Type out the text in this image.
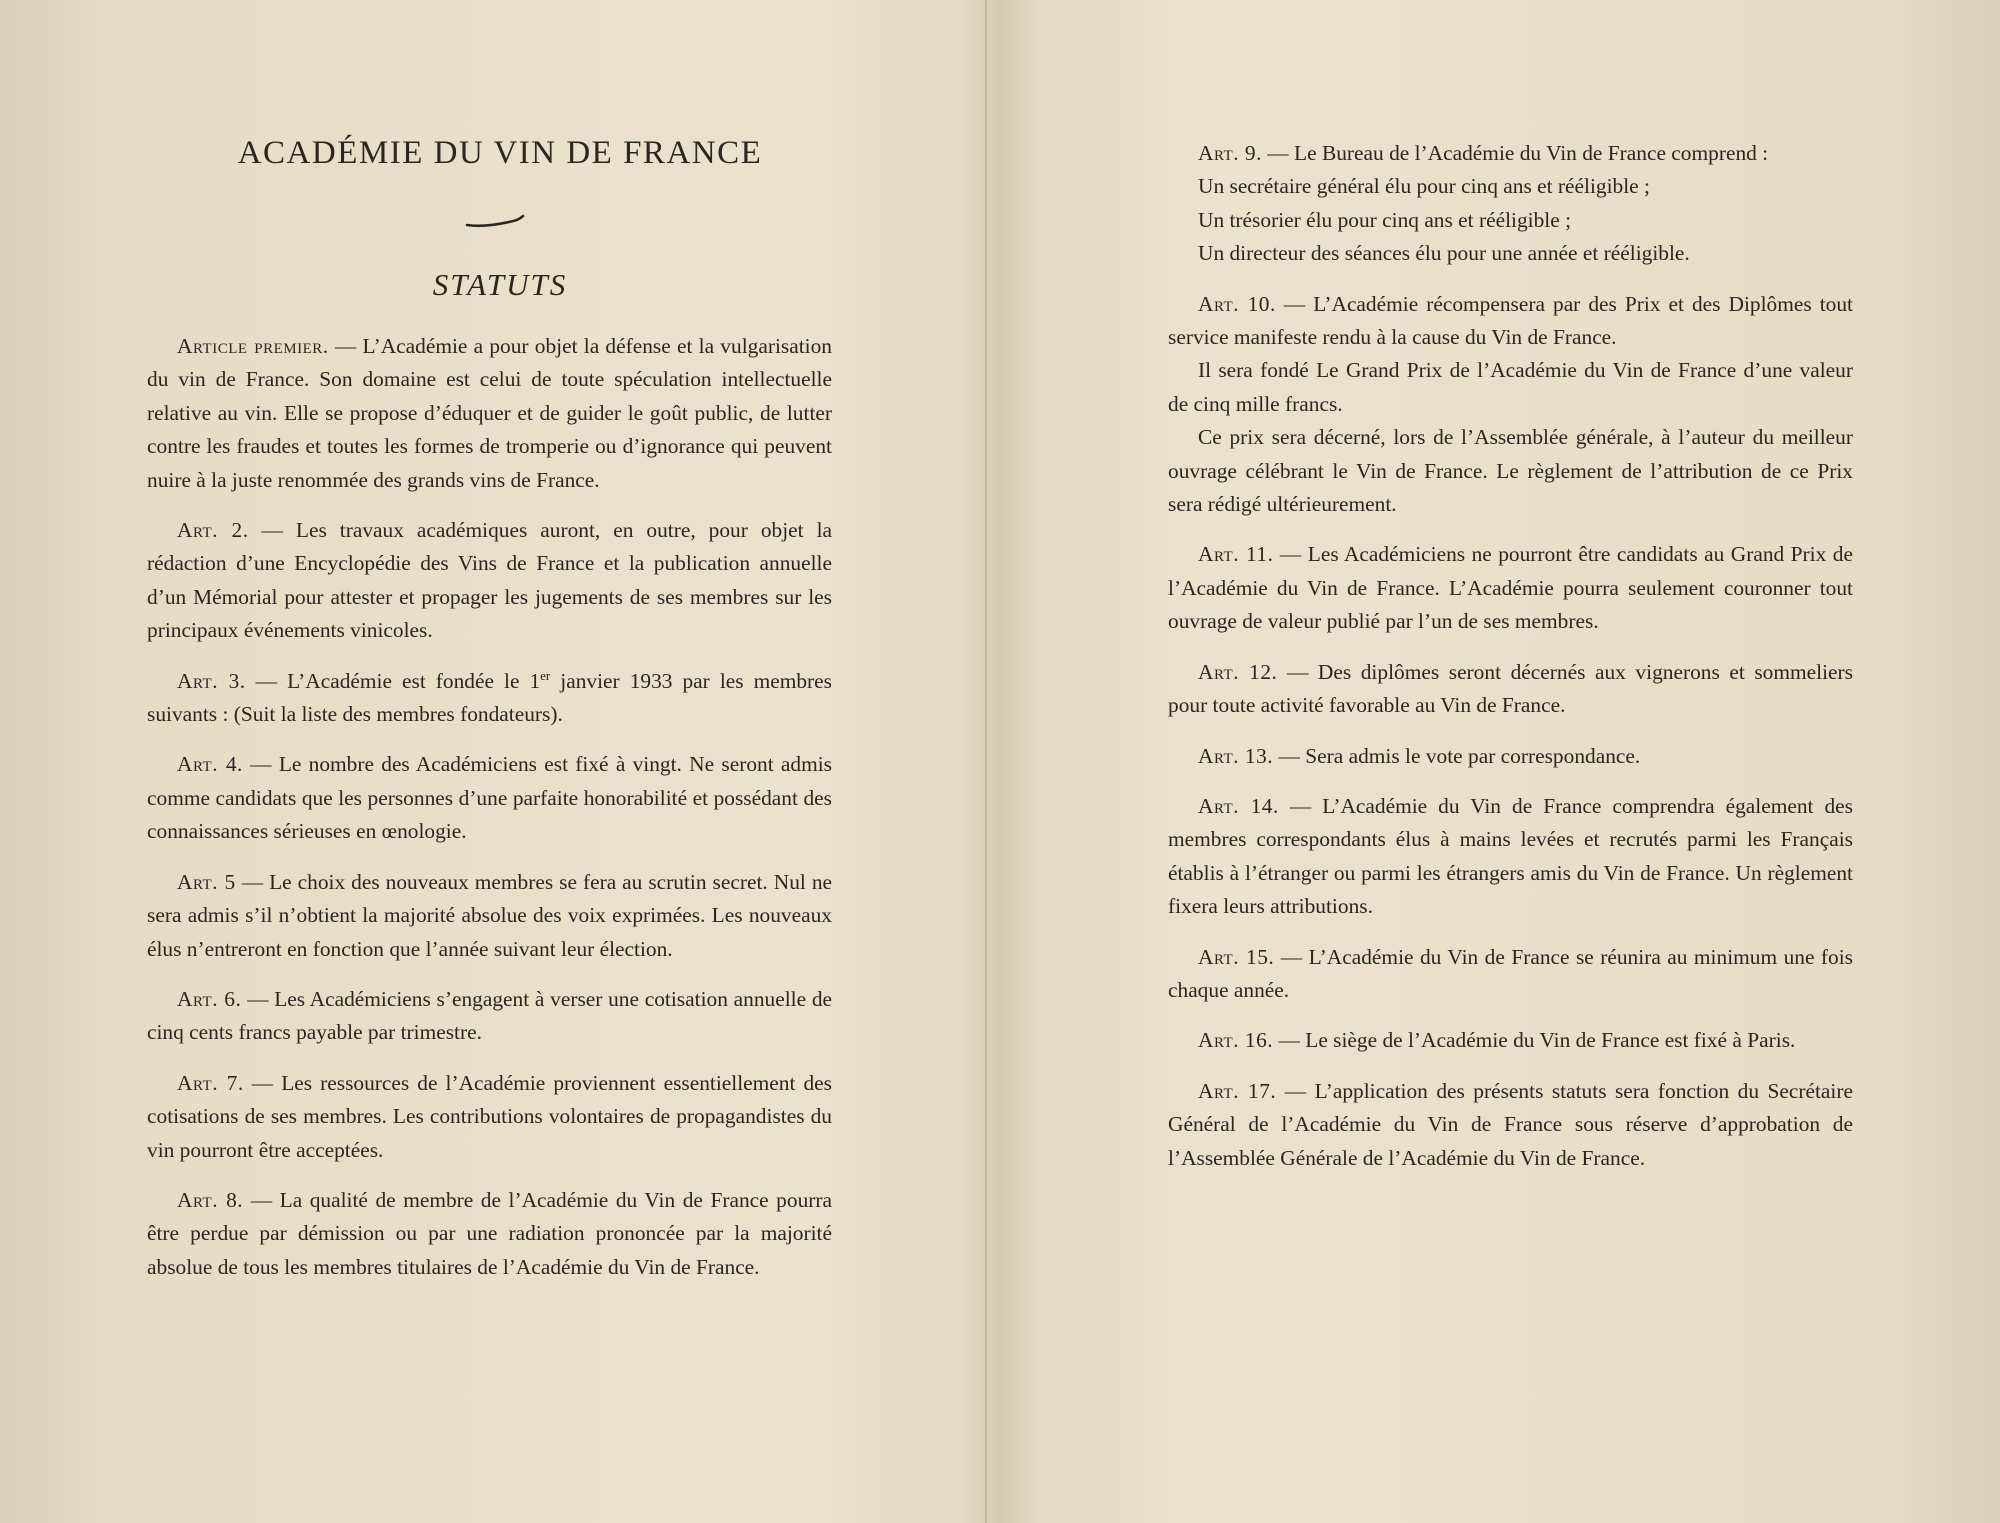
ACADÉMIE DU VIN DE FRANCE
STATUTS

Article premier. — L’Académie a pour objet la défense et la vulgarisation du vin de France. Son domaine est celui de toute spéculation intellectuelle relative au vin. Elle se propose d’éduquer et de guider le goût public, de lutter contre les fraudes et toutes les formes de tromperie ou d’ignorance qui peuvent nuire à la juste renommée des grands vins de France.

Art. 2. — Les travaux académiques auront, en outre, pour objet la rédaction d’une Encyclopédie des Vins de France et la publication annuelle d’un Mémorial pour attester et propager les jugements de ses membres sur les principaux événements vinicoles.

Art. 3. — L’Académie est fondée le 1er janvier 1933 par les membres suivants : (Suit la liste des membres fondateurs).

Art. 4. — Le nombre des Académiciens est fixé à vingt. Ne seront admis comme candidats que les personnes d’une parfaite honorabilité et possédant des connaissances sérieuses en œnologie.

Art. 5 — Le choix des nouveaux membres se fera au scrutin secret. Nul ne sera admis s’il n’obtient la majorité absolue des voix exprimées. Les nouveaux élus n’entreront en fonction que l’année suivant leur élection.

Art. 6. — Les Académiciens s’engagent à verser une cotisation annuelle de cinq cents francs payable par trimestre.

Art. 7. — Les ressources de l’Académie proviennent essentiellement des cotisations de ses membres. Les contributions volontaires de propagandistes du vin pourront être acceptées.

Art. 8. — La qualité de membre de l’Académie du Vin de France pourra être perdue par démission ou par une radiation prononcée par la majorité absolue de tous les membres titulaires de l’Académie du Vin de France.

Art. 9. — Le Bureau de l’Académie du Vin de France comprend :

Un secrétaire général élu pour cinq ans et rééligible ;

Un trésorier élu pour cinq ans et rééligible ;

Un directeur des séances élu pour une année et rééligible.

Art. 10. — L’Académie récompensera par des Prix et des Diplômes tout service manifeste rendu à la cause du Vin de France.

Il sera fondé Le Grand Prix de l’Académie du Vin de France d’une valeur de cinq mille francs.

Ce prix sera décerné, lors de l’Assemblée générale, à l’auteur du meilleur ouvrage célébrant le Vin de France. Le règlement de l’attribution de ce Prix sera rédigé ultérieurement.

Art. 11. — Les Académiciens ne pourront être candidats au Grand Prix de l’Académie du Vin de France. L’Académie pourra seulement couronner tout ouvrage de valeur publié par l’un de ses membres.

Art. 12. — Des diplômes seront décernés aux vignerons et sommeliers pour toute activité favorable au Vin de France.

Art. 13. — Sera admis le vote par correspondance.

Art. 14. — L’Académie du Vin de France comprendra également des membres correspondants élus à mains levées et recrutés parmi les Français établis à l’étranger ou parmi les étrangers amis du Vin de France. Un règlement fixera leurs attributions.

Art. 15. — L’Académie du Vin de France se réunira au minimum une fois chaque année.

Art. 16. — Le siège de l’Académie du Vin de France est fixé à Paris.

Art. 17. — L’application des présents statuts sera fonction du Secrétaire Général de l’Académie du Vin de France sous réserve d’approbation de l’Assemblée Générale de l’Académie du Vin de France.
